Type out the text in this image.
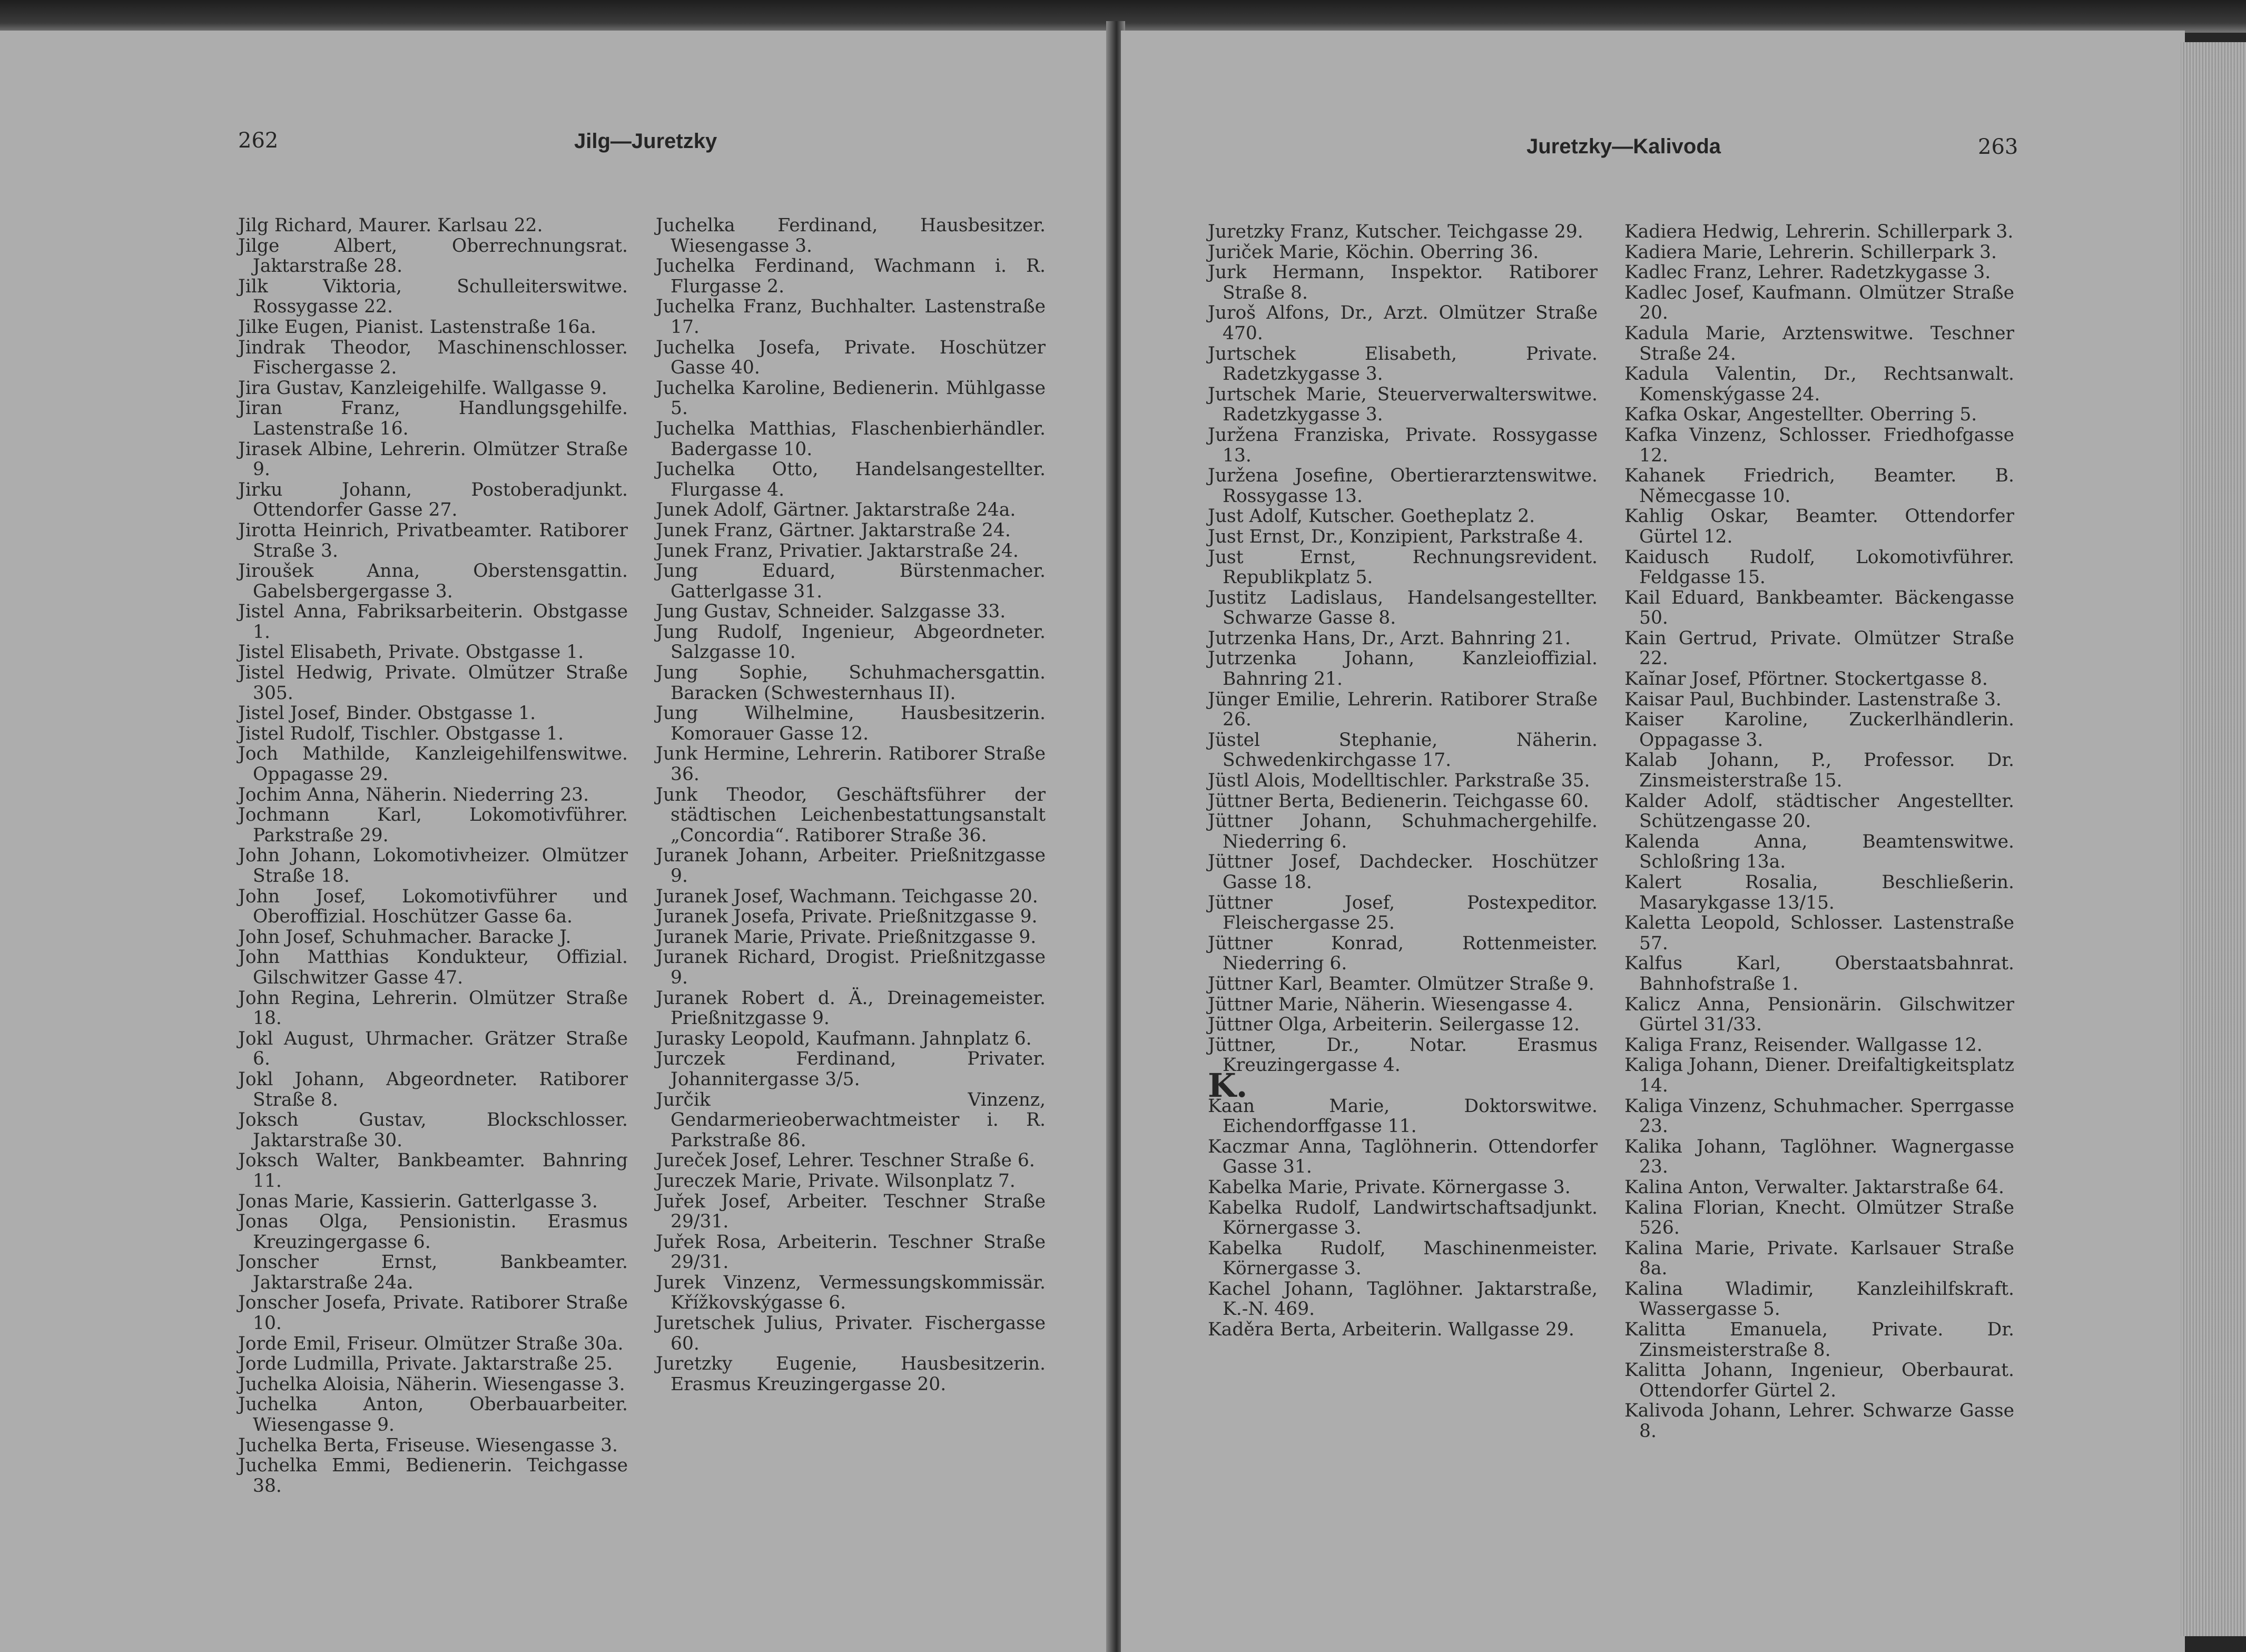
262	Jilg—Juretzky

Jilg Richard, Maurer. Karlsau 22.

Jilge Albert, Oberrechnungsrat. Jaktarstraße 28.

Jilk Viktoria, Schulleiterswitwe. Rossygasse 22.

Jilke Eugen, Pianist. Lastenstraße 16a.

Jindrak Theodor, Maschinenschlosser. Fischergasse 2.

Jira Gustav, Kanzleigehilfe. Wallgasse 9.

Jiran Franz, Handlungsgehilfe. Lastenstraße 16.

Jirasek Albine, Lehrerin. Olmützer Straße 9.

Jirku Johann, Postoberadjunkt. Ottendorfer Gasse 27.

Jirotta Heinrich, Privatbeamter. Ratiborer Straße 3.

Jiroušek Anna, Oberstensgattin. Gabelsbergergasse 3.

Jistel Anna, Fabriksarbeiterin. Obstgasse 1.

Jistel Elisabeth, Private. Obstgasse 1.

Jistel Hedwig, Private. Olmützer Straße 305.

Jistel Josef, Binder. Obstgasse 1.

Jistel Rudolf, Tischler. Obstgasse 1.

Joch Mathilde, Kanzleigehilfenswitwe. Oppagasse 29.

Jochim Anna, Näherin. Niederring 23.

Jochmann Karl, Lokomotivführer. Parkstraße 29.

John Johann, Lokomotivheizer. Olmützer Straße 18.

John Josef, Lokomotivführer und Oberoffizial. Hoschützer Gasse 6a.

John Josef, Schuhmacher. Baracke J.

John Matthias Kondukteur, Offizial. Gilschwitzer Gasse 47.

John Regina, Lehrerin. Olmützer Straße 18.

Jokl August, Uhrmacher. Grätzer Straße 6.

Jokl Johann, Abgeordneter. Ratiborer Straße 8.

Joksch Gustav, Blockschlosser. Jaktarstraße 30.

Joksch Walter, Bankbeamter. Bahnring 11.

Jonas Marie, Kassierin. Gatterlgasse 3.

Jonas Olga, Pensionistin. Erasmus Kreuzingergasse 6.

Jonscher Ernst, Bankbeamter. Jaktarstraße 24a.

Jonscher Josefa, Private. Ratiborer Straße 10.

Jorde Emil, Friseur. Olmützer Straße 30a.

Jorde Ludmilla, Private. Jaktarstraße 25.

Juchelka Aloisia, Näherin. Wiesengasse 3.

Juchelka Anton, Oberbauarbeiter. Wiesengasse 9.

Juchelka Berta, Friseuse. Wiesengasse 3.

Juchelka Emmi, Bedienerin. Teichgasse 38.

Juchelka Ferdinand, Hausbesitzer. Wiesengasse 3.

Juchelka Ferdinand, Wachmann i. R. Flurgasse 2.

Juchelka Franz, Buchhalter. Lastenstraße 17.

Juchelka Josefa, Private. Hoschützer Gasse 40.

Juchelka Karoline, Bedienerin. Mühlgasse 5.

Juchelka Matthias, Flaschenbierhändler. Badergasse 10.

Juchelka Otto, Handelsangestellter. Flurgasse 4.

Junek Adolf, Gärtner. Jaktarstraße 24a.

Junek Franz, Gärtner. Jaktarstraße 24.

Junek Franz, Privatier. Jaktarstraße 24.

Jung Eduard, Bürstenmacher. Gatterlgasse 31.

Jung Gustav, Schneider. Salzgasse 33.

Jung Rudolf, Ingenieur, Abgeordneter. Salzgasse 10.

Jung Sophie, Schuhmachersgattin. Baracken (Schwesternhaus II).

Jung Wilhelmine, Hausbesitzerin. Komorauer Gasse 12.

Junk Hermine, Lehrerin. Ratiborer Straße 36.

Junk Theodor, Geschäftsführer der städtischen Leichenbestattungsanstalt „Concordia“. Ratiborer Straße 36.

Juranek Johann, Arbeiter. Prießnitzgasse 9.

Juranek Josef, Wachmann. Teichgasse 20.

Juranek Josefa, Private. Prießnitzgasse 9.

Juranek Marie, Private. Prießnitzgasse 9.

Juranek Richard, Drogist. Prießnitzgasse 9.

Juranek Robert d. Ä., Dreinagemeister. Prießnitzgasse 9.

Jurasky Leopold, Kaufmann. Jahnplatz 6.

Jurczek Ferdinand, Privater. Johannitergasse 3/5.

Jurčik Vinzenz, Gendarmerieoberwachtmeister i. R. Parkstraße 86.

Jureček Josef, Lehrer. Teschner Straße 6.

Jureczek Marie, Private. Wilsonplatz 7.

Juřek Josef, Arbeiter. Teschner Straße 29/31.

Juřek Rosa, Arbeiterin. Teschner Straße 29/31.

Jurek Vinzenz, Vermessungskommissär. Křížkovskýgasse 6.

Juretschek Julius, Privater. Fischergasse 60.

Juretzky Eugenie, Hausbesitzerin. Erasmus Kreuzingergasse 20.

Juretzky—Kalivoda	263

Juretzky Franz, Kutscher. Teichgasse 29.

Juriček Marie, Köchin. Oberring 36.

Jurk Hermann, Inspektor. Ratiborer Straße 8.

Juroš Alfons, Dr., Arzt. Olmützer Straße 470.

Jurtschek Elisabeth, Private. Radetzkygasse 3.

Jurtschek Marie, Steuerverwalterswitwe. Radetzkygasse 3.

Juržena Franziska, Private. Rossygasse 13.

Juržena Josefine, Obertierarztenswitwe. Rossygasse 13.

Just Adolf, Kutscher. Goetheplatz 2.

Just Ernst, Dr., Konzipient, Parkstraße 4.

Just Ernst, Rechnungsrevident. Republikplatz 5.

Justitz Ladislaus, Handelsangestellter. Schwarze Gasse 8.

Jutrzenka Hans, Dr., Arzt. Bahnring 21.

Jutrzenka Johann, Kanzleioffizial. Bahnring 21.

Jünger Emilie, Lehrerin. Ratiborer Straße 26.

Jüstel Stephanie, Näherin. Schwedenkirchgasse 17.

Jüstl Alois, Modelltischler. Parkstraße 35.

Jüttner Berta, Bedienerin. Teichgasse 60.

Jüttner Johann, Schuhmachergehilfe. Niederring 6.

Jüttner Josef, Dachdecker. Hoschützer Gasse 18.

Jüttner Josef, Postexpeditor. Fleischergasse 25.

Jüttner Konrad, Rottenmeister. Niederring 6.

Jüttner Karl, Beamter. Olmützer Straße 9.

Jüttner Marie, Näherin. Wiesengasse 4.

Jüttner Olga, Arbeiterin. Seilergasse 12.

Jüttner, Dr., Notar. Erasmus Kreuzingergasse 4.

K.

Kaan Marie, Doktorswitwe. Eichendorffgasse 11.

Kaczmar Anna, Taglöhnerin. Ottendorfer Gasse 31.

Kabelka Marie, Private. Körnergasse 3.

Kabelka Rudolf, Landwirtschaftsadjunkt. Körnergasse 3.

Kabelka Rudolf, Maschinenmeister. Körnergasse 3.

Kachel Johann, Taglöhner. Jaktarstraße, K.-N. 469.

Kaděra Berta, Arbeiterin. Wallgasse 29.

Kadiera Hedwig, Lehrerin. Schillerpark 3.

Kadiera Marie, Lehrerin. Schillerpark 3.

Kadlec Franz, Lehrer. Radetzkygasse 3.

Kadlec Josef, Kaufmann. Olmützer Straße 20.

Kadula Marie, Arztenswitwe. Teschner Straße 24.

Kadula Valentin, Dr., Rechtsanwalt. Komenskýgasse 24.

Kafka Oskar, Angestellter. Oberring 5.

Kafka Vinzenz, Schlosser. Friedhofgasse 12.

Kahanek Friedrich, Beamter. B. Němecgasse 10.

Kahlig Oskar, Beamter. Ottendorfer Gürtel 12.

Kaidusch Rudolf, Lokomotivführer. Feldgasse 15.

Kail Eduard, Bankbeamter. Bäckengasse 50.

Kain Gertrud, Private. Olmützer Straße 22.

Kaĭnar Josef, Pförtner. Stockertgasse 8.

Kaisar Paul, Buchbinder. Lastenstraße 3.

Kaiser Karoline, Zuckerlhändlerin. Oppagasse 3.

Kalab Johann, P., Professor. Dr. Zinsmeisterstraße 15.

Kalder Adolf, städtischer Angestellter. Schützengasse 20.

Kalenda Anna, Beamtenswitwe. Schloßring 13a.

Kalert Rosalia, Beschließerin. Masarykgasse 13/15.

Kaletta Leopold, Schlosser. Lastenstraße 57.

Kalfus Karl, Oberstaatsbahnrat. Bahnhofstraße 1.

Kalicz Anna, Pensionärin. Gilschwitzer Gürtel 31/33.

Kaliga Franz, Reisender. Wallgasse 12.

Kaliga Johann, Diener. Dreifaltigkeitsplatz 14.

Kaliga Vinzenz, Schuhmacher. Sperrgasse 23.

Kalika Johann, Taglöhner. Wagnergasse 23.

Kalina Anton, Verwalter. Jaktarstraße 64.

Kalina Florian, Knecht. Olmützer Straße 526.

Kalina Marie, Private. Karlsauer Straße 8a.

Kalina Wladimir, Kanzleihilfskraft. Wassergasse 5.

Kalitta Emanuela, Private. Dr. Zinsmeisterstraße 8.

Kalitta Johann, Ingenieur, Oberbaurat. Ottendorfer Gürtel 2.

Kalivoda Johann, Lehrer. Schwarze Gasse 8.
